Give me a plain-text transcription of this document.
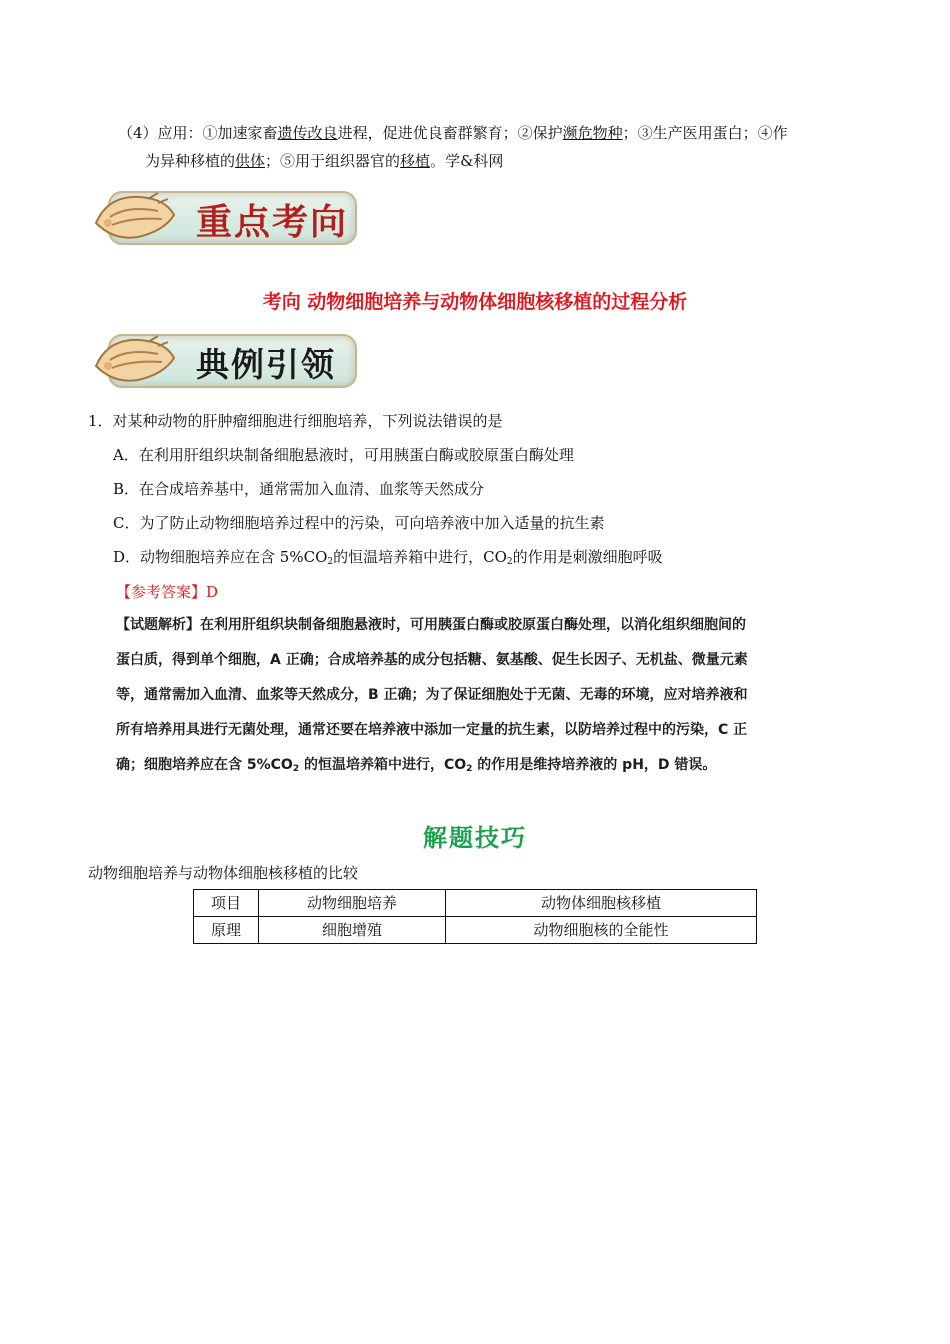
（4）应用：①加速家畜遗传改良进程，促进优良畜群繁育；②保护濒危物种；③生产医用蛋白；④作
为异种移植的供体；⑤用于组织器官的移植。学&科网
重点考向
考向 动物细胞培养与动物体细胞核移植的过程分析
典例引领
1．对某种动物的肝肿瘤细胞进行细胞培养，下列说法错误的是
A．在利用肝组织块制备细胞悬液时，可用胰蛋白酶或胶原蛋白酶处理
B．在合成培养基中，通常需加入血清、血浆等天然成分
C．为了防止动物细胞培养过程中的污染，可向培养液中加入适量的抗生素
D．动物细胞培养应在含 $5\%CO_2$的恒温培养箱中进行，$CO_2$的作用是刺激细胞呼吸
【参考答案】D
【试题解析】在利用肝组织块制备细胞悬液时，可用胰蛋白酶或胶原蛋白酶处理，以消化组织细胞间的
蛋白质，得到单个细胞，A 正确；合成培养基的成分包括糖、氨基酸、促生长因子、无机盐、微量元素
等，通常需加入血清、血浆等天然成分，B 正确；为了保证细胞处于无菌、无毒的环境，应对培养液和
所有培养用具进行无菌处理，通常还要在培养液中添加一定量的抗生素，以防培养过程中的污染，C 正
确；细胞培养应在含 $5\%CO_2$ 的恒温培养箱中进行，$CO_2$ 的作用是维持培养液的 pH，D 错误。
解题技巧
动物细胞培养与动物体细胞核移植的比较
项目	动物细胞培养	动物体细胞核移植
原理	细胞增殖	动物细胞核的全能性
